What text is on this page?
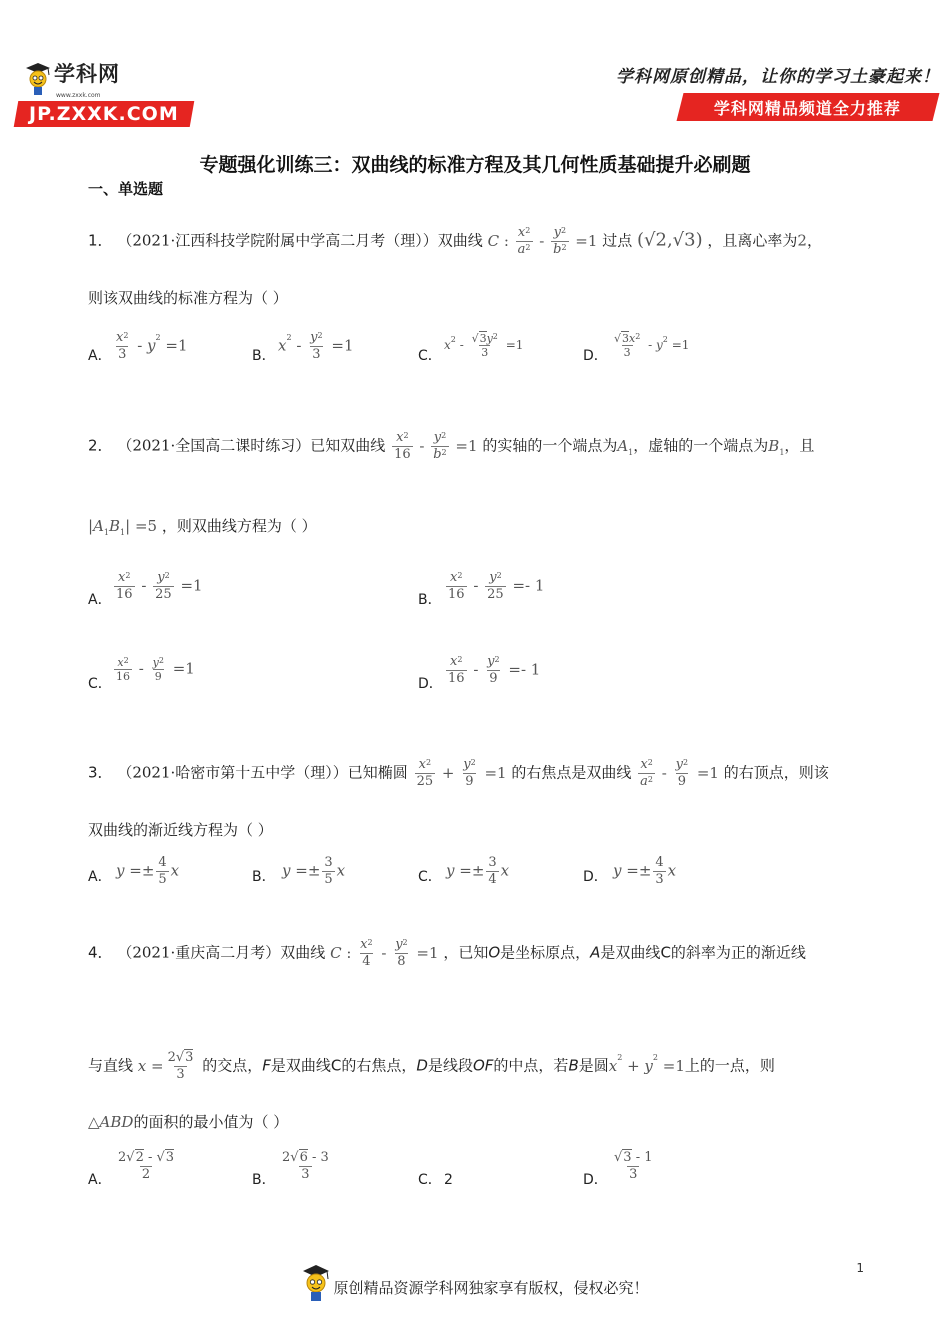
学科网
www.zxxk.com
JP.ZXXK.COM
学科网原创精品，让你的学习土豪起来！
学科网精品频道全力推荐
专题强化训练三：双曲线的标准方程及其几何性质基础提升必刷题
一、单选题
1． （2021·江西科技学院附属中学高二月考（理））双曲线 C : $\frac{x^2}{a^2} - \frac{y^2}{b^2} =1$ 过点 (√2,√3) ，且离心率为2，
则该双曲线的标准方程为（ ）
A． $\frac{x^2}{3} - y^2 =1$
B．
$x^2 - \frac{y^2}{3} =1$
C．
$x^2 - \frac{√3y^2}{3} =1$
D． $\frac{√3x^2}{3} - y^2 =1$
2． （2021·全国高二课时练习）已知双曲线 $\frac{x^2}{16} - \frac{y^2}{b^2} =1$ 的实轴的一个端点为$A_1$，虚轴的一个端点为$B_1$，且
$|A_1B_1| =5$ ，则双曲线方程为（ ）
A． $\frac{x^2}{16} - \frac{y^2}{25} =1$
B． $\frac{x^2}{16} - \frac{y^2}{25} =- 1$
C．
$\frac{x^2}{16} - \frac{y^2}{9} =1$
D． $\frac{x^2}{16} - \frac{y^2}{9} =- 1$
3． （2021·哈密市第十五中学（理））已知椭圆 $\frac{x^2}{25} + \frac{y^2}{9} =1$ 的右焦点是双曲线 $\frac{x^2}{a^2} - \frac{y^2}{9} =1$ 的右顶点，则该
双曲线的渐近线方程为（ ）
A． $y =\pm \frac{4}{5}$ x	B． $y =\pm \frac{3}{5}$ x	C． $y =\pm \frac{3}{4}$ x	D． $y =\pm \frac{4}{3}$ x
4． （2021·重庆高二月考）双曲线 C : $\frac{x^2}{4} - \frac{y^2}{8} =1$ ，已知O是坐标原点，A是双曲线C的斜率为正的渐近线
与直线 $x = \frac{2√3}{3}$ 的交点，F是双曲线C的右焦点，D是线段OF的中点，若B是圆$x^2 + y^2 =1$上的一点，则
△ABD的面积的最小值为（ ）
A． $\frac{2√2 - √3}{2}$	B． $\frac{2√6 - 3}{3}$	C． 2	D． $\frac{√3 - 1}{3}$
1
原创精品资源学科网独家享有版权，侵权必究！
